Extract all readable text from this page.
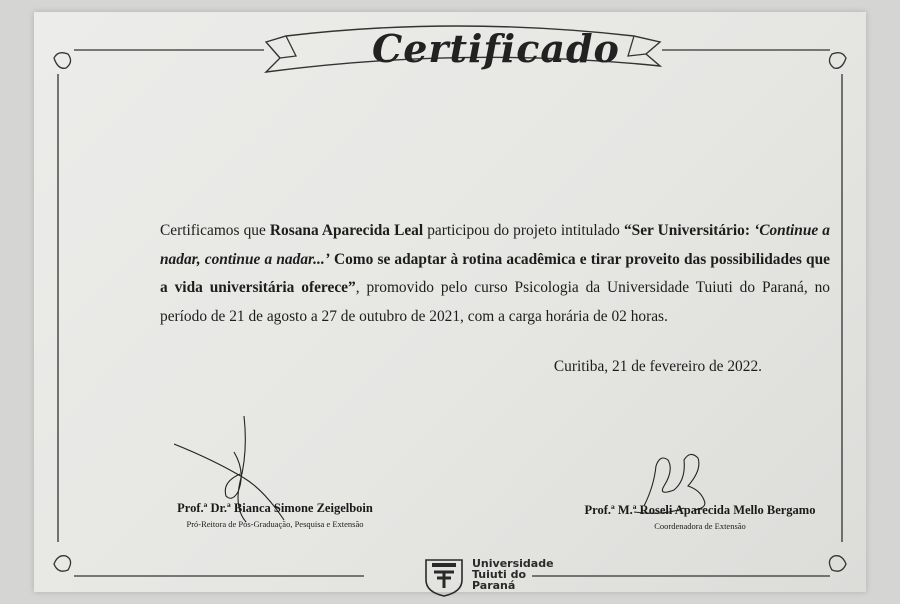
Certificado
Certificamos que Rosana Aparecida Leal participou do projeto intitulado “Ser Universitário: ‘Continue a nadar, continue a nadar...’ Como se adaptar à rotina acadêmica e tirar proveito das possibilidades que a vida universitária oferece”, promovido pelo curso Psicologia da Universidade Tuiuti do Paraná, no período de 21 de agosto a 27 de outubro de 2021, com a carga horária de 02 horas.
Curitiba, 21 de fevereiro de 2022.
Prof.ª Dr.ª Bianca Simone Zeigelboin
Pró-Reitora de Pós-Graduação, Pesquisa e Extensão
Prof.ª M.ª Roseli Aparecida Mello Bergamo
Coordenadora de Extensão
Universidade
Tuiuti do
Paraná
